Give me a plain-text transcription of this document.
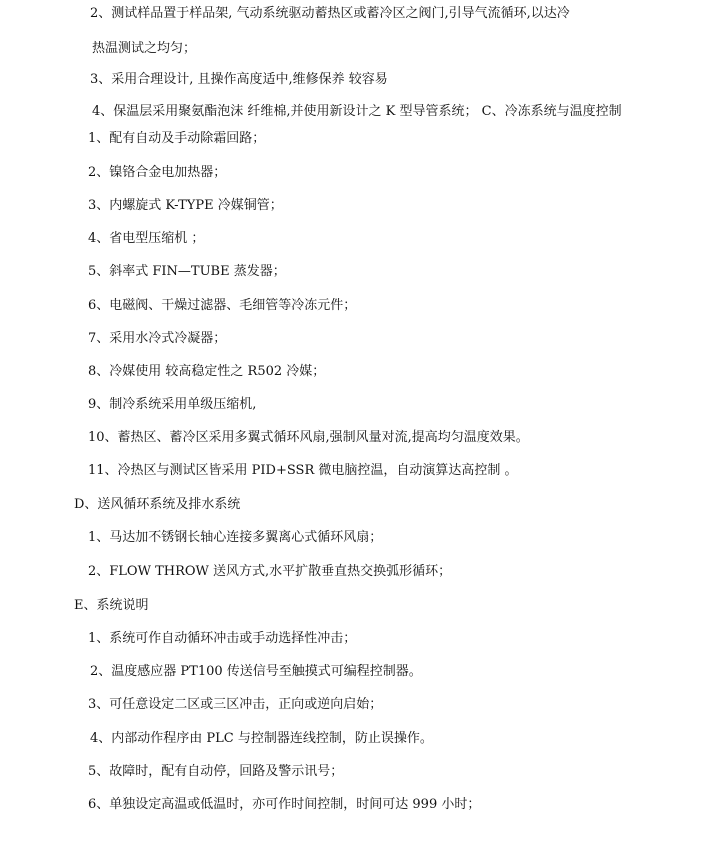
2、测试样品置于样品架, 气动系统驱动蓄热区或蓄冷区之阀门,引导气流循环,以达冷
热温测试之均匀；
3、采用合理设计, 且操作高度适中,维修保养 较容易
4、保温层采用聚氨酯泡沫 纤维棉,并使用新设计之 K 型导管系统； C、冷冻系统与温度控制
1、配有自动及手动除霜回路；
2、镍铬合金电加热器；
3、内螺旋式 K-TYPE 冷媒铜管；
4、省电型压缩机 ；
5、斜率式 FIN—TUBE 蒸发器；
6、电磁阀、干燥过滤器、毛细管等冷冻元件；
7、采用水冷式冷凝器；
8、冷媒使用 较高稳定性之 R502 冷媒；
9、制冷系统采用单级压缩机,
10、蓄热区、蓄冷区采用多翼式循环风扇,强制风量对流,提高均匀温度效果。
11、冷热区与测试区皆采用 PID+SSR 微电脑控温，自动演算达高控制 。
D、送风循环系统及排水系统
1、马达加不锈钢长轴心连接多翼离心式循环风扇；
2、FLOW THROW 送风方式,水平扩散垂直热交换弧形循环；
E、系统说明
1、系统可作自动循环冲击或手动选择性冲击；
2、温度感应器 PT100 传送信号至触摸式可编程控制器。
3、可任意设定二区或三区冲击，正向或逆向启始；
4、内部动作程序由 PLC 与控制器连线控制，防止误操作。
5、故障时，配有自动停，回路及警示讯号；
6、单独设定高温或低温时，亦可作时间控制，时间可达 999 小时；
